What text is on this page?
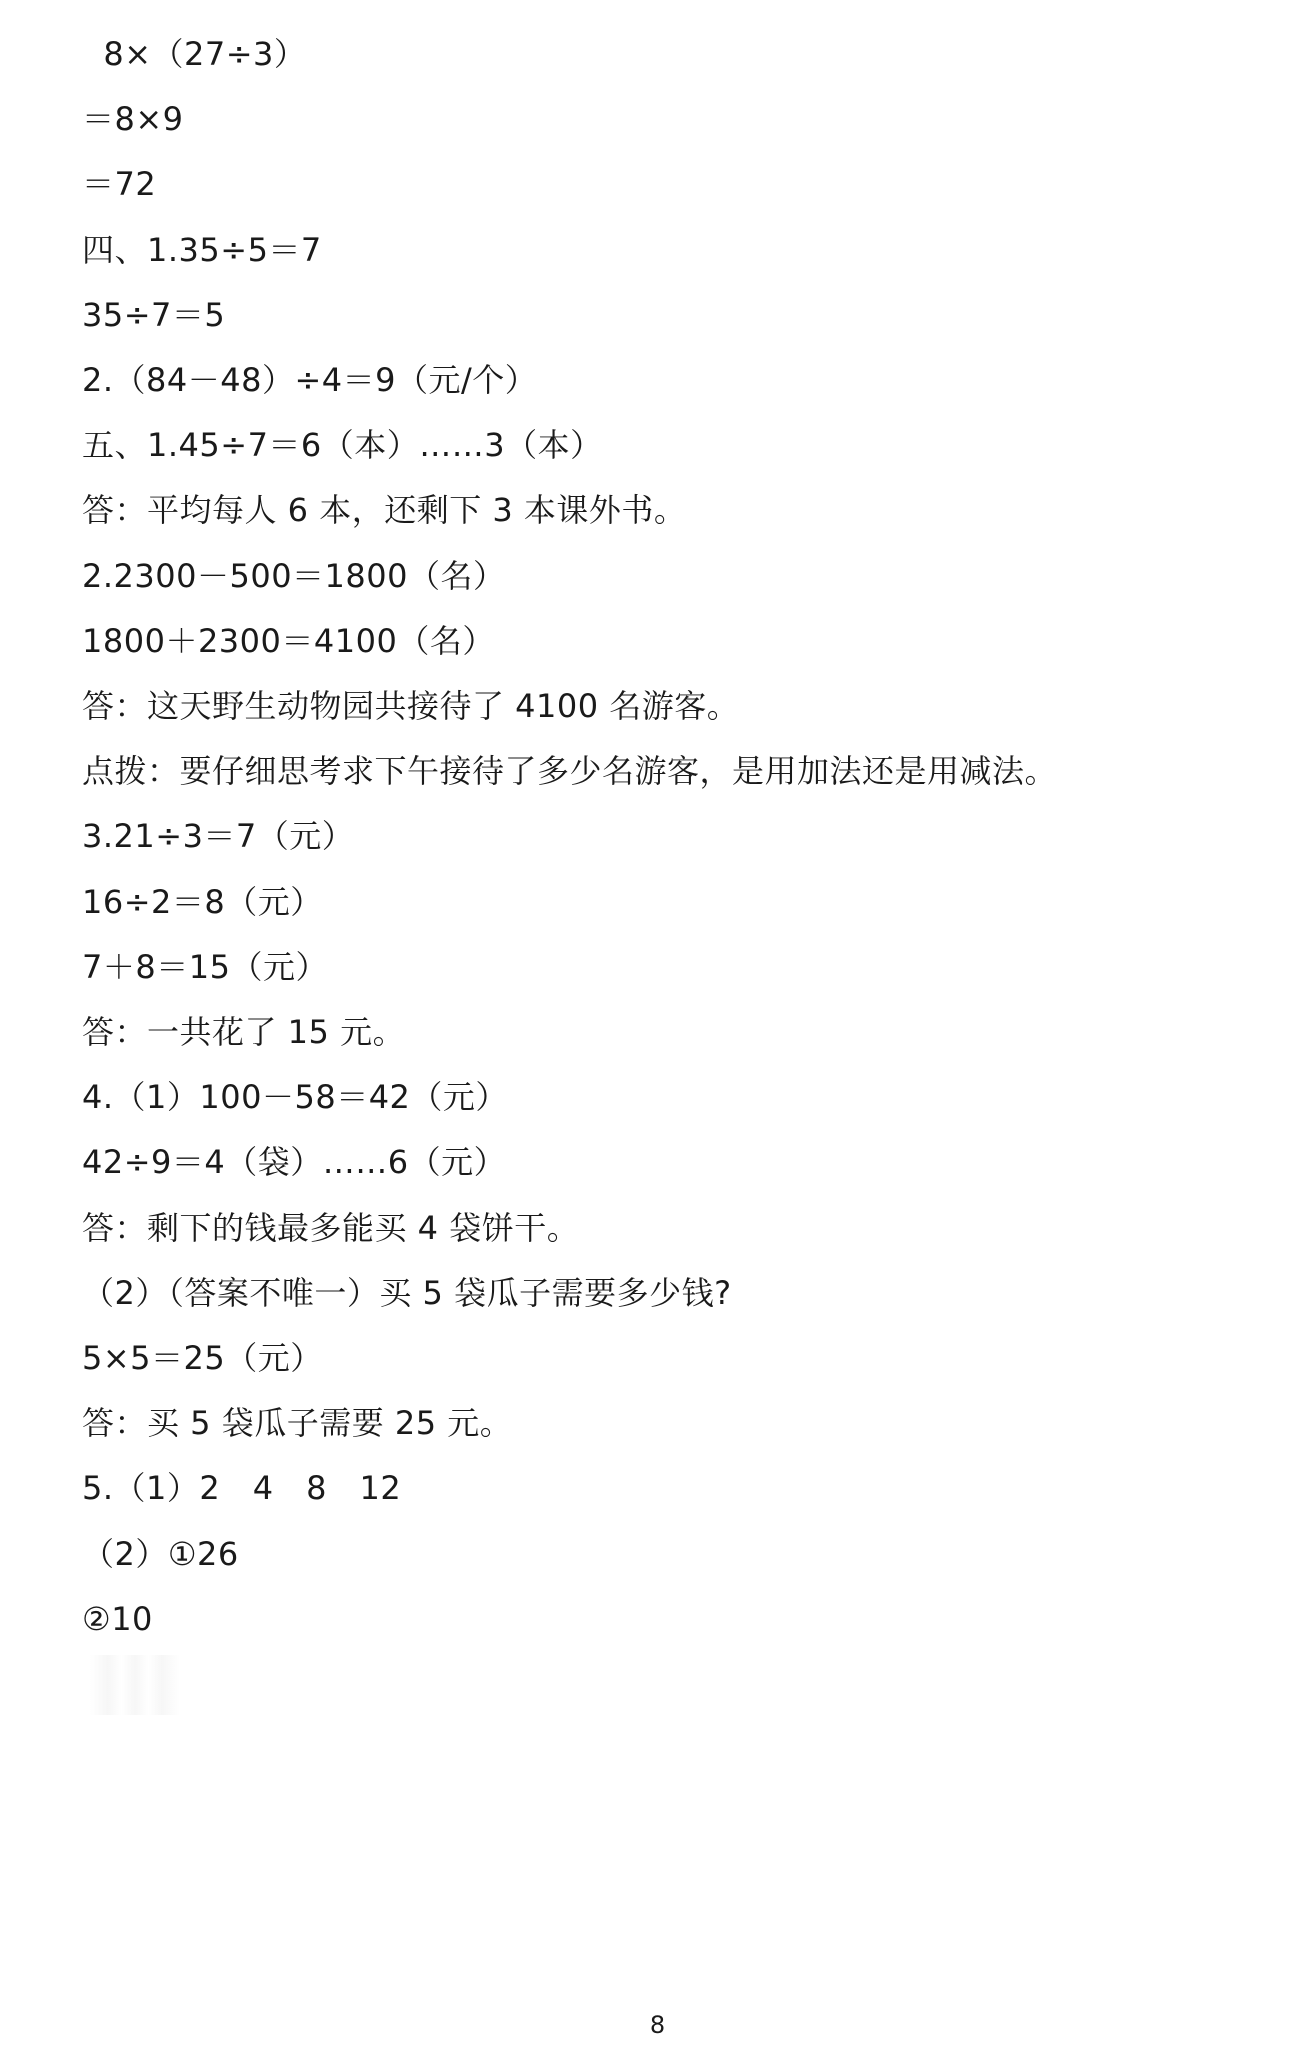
8×（27÷3）
＝8×9
＝72
四、1.35÷5＝7
35÷7＝5
2.（84－48）÷4＝9（元/个）
五、1.45÷7＝6（本）……3（本）
答：平均每人 6 本，还剩下 3 本课外书。
2.2300－500＝1800（名）
1800＋2300＝4100（名）
答：这天野生动物园共接待了 4100 名游客。
点拨：要仔细思考求下午接待了多少名游客，是用加法还是用减法。
3.21÷3＝7（元）
16÷2＝8（元）
7＋8＝15（元）
答：一共花了 15 元。
4.（1）100－58＝42（元）
42÷9＝4（袋）……6（元）
答：剩下的钱最多能买 4 袋饼干。
（2）（答案不唯一）买 5 袋瓜子需要多少钱?
5×5＝25（元）
答：买 5 袋瓜子需要 25 元。
5.（1）2　4　8　12
（2）①26
②10
8
